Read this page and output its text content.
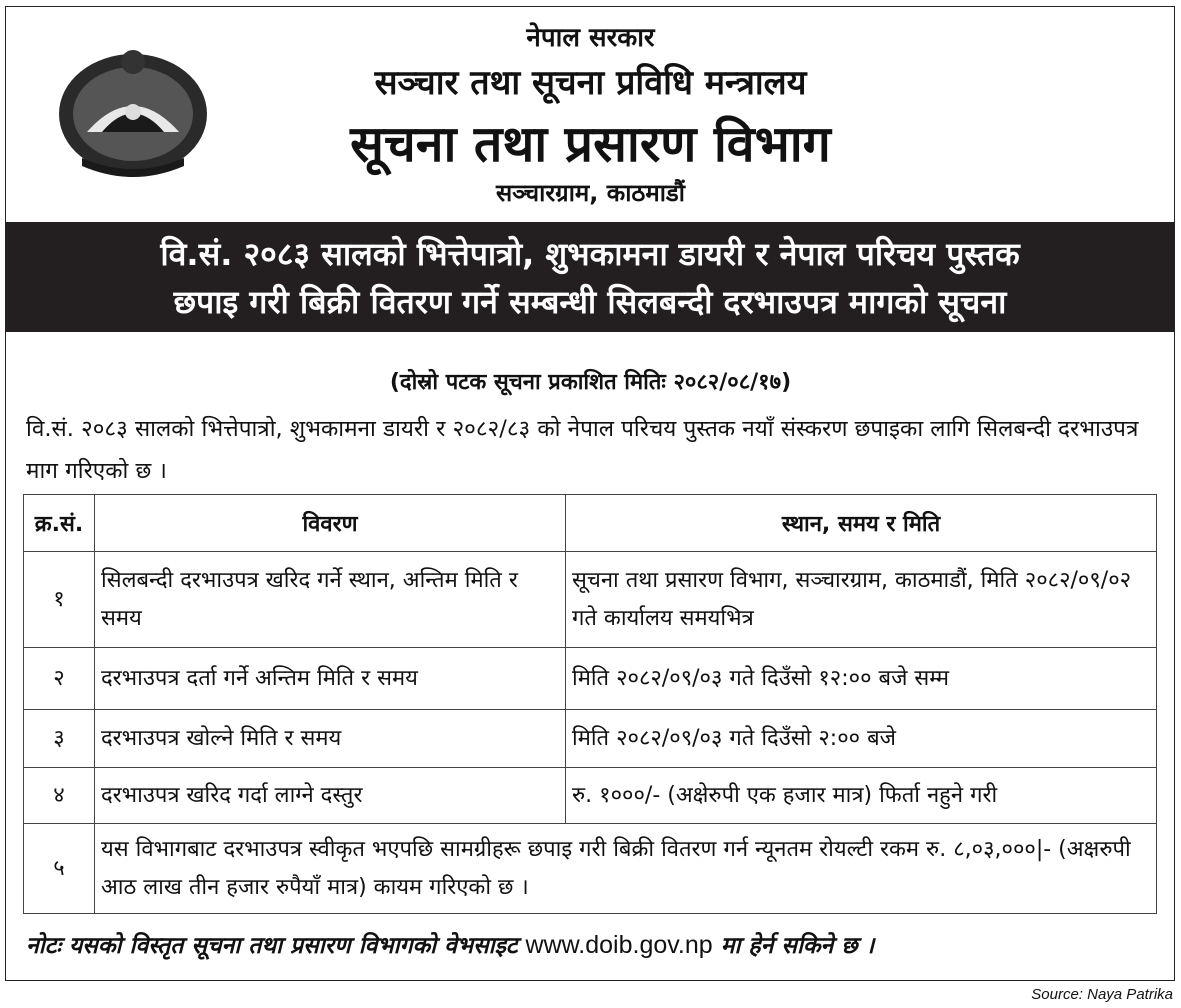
नेपाल सरकार
सञ्चार तथा सूचना प्रविधि मन्त्रालय
सूचना तथा प्रसारण विभाग
सञ्चारग्राम, काठमाडौं
वि.सं. २०८३ सालको भित्तेपात्रो, शुभकामना डायरी र नेपाल परिचय पुस्तक
छपाइ गरी बिक्री वितरण गर्ने सम्बन्धी सिलबन्दी दरभाउपत्र मागको सूचना
(दोस्रो पटक सूचना प्रकाशित मितिः २०८२/०८/१७)
वि.सं. २०८३ सालको भित्तेपात्रो, शुभकामना डायरी र २०८२/८३ को नेपाल परिचय पुस्तक नयाँ संस्करण छपाइका लागि सिलबन्दी दरभाउपत्र माग गरिएको छ ।
क्र.सं.	विवरण	स्थान, समय र मिति
१	सिलबन्दी दरभाउपत्र खरिद गर्ने स्थान, अन्तिम मिति र समय	सूचना तथा प्रसारण विभाग, सञ्चारग्राम, काठमाडौं, मिति २०८२/०९/०२ गते कार्यालय समयभित्र
२	दरभाउपत्र दर्ता गर्ने अन्तिम मिति र समय	मिति २०८२/०९/०३ गते दिउँसो १२:०० बजे सम्म
३	दरभाउपत्र खोल्ने मिति र समय	मिति २०८२/०९/०३ गते दिउँसो २:०० बजे
४	दरभाउपत्र खरिद गर्दा लाग्ने दस्तुर	रु. १०००/- (अक्षेरुपी एक हजार मात्र) फिर्ता नहुने गरी
५	यस विभागबाट दरभाउपत्र स्वीकृत भएपछि सामग्रीहरू छपाइ गरी बिक्री वितरण गर्न न्यूनतम रोयल्टी रकम रु. ८,०३,०००|- (अक्षरुपी आठ लाख तीन हजार रुपैयाँ मात्र) कायम गरिएको छ ।	
नोटः यसको विस्तृत सूचना तथा प्रसारण विभागको वेभसाइट www.doib.gov.np मा हेर्न सकिने छ ।
Source: Naya Patrika
